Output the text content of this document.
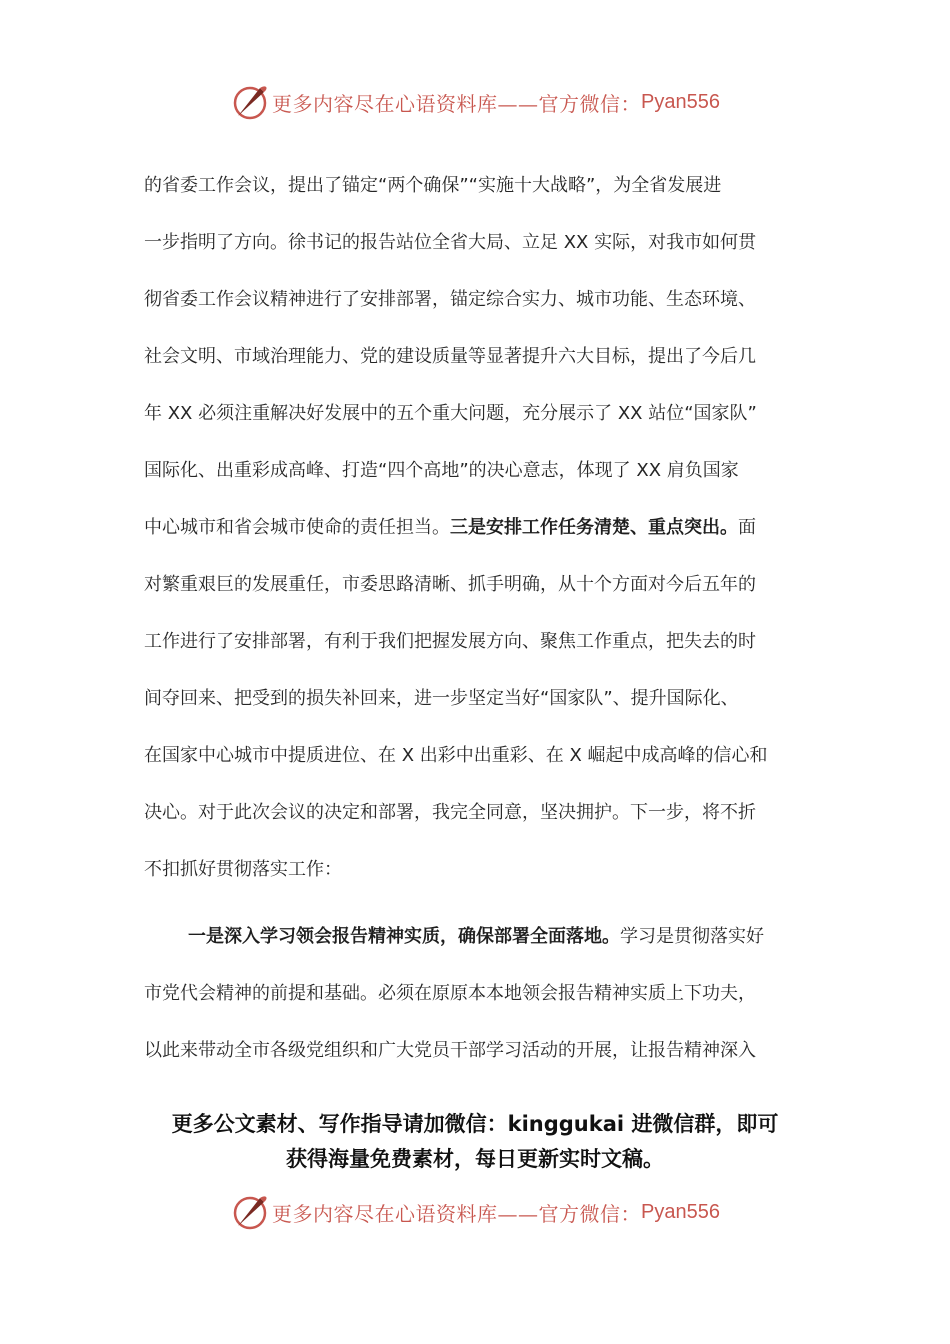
更多内容尽在心语资料库——官方微信： Pyan556
的省委工作会议，提出了锚定“两个确保”“实施十大战略”，为全省发展进
一步指明了方向。徐书记的报告站位全省大局、立足 XX 实际，对我市如何贯
彻省委工作会议精神进行了安排部署，锚定综合实力、城市功能、生态环境、
社会文明、市域治理能力、党的建设质量等显著提升六大目标，提出了今后几
年 XX 必须注重解决好发展中的五个重大问题，充分展示了 XX 站位“国家队”
国际化、出重彩成高峰、打造“四个高地”的决心意志，体现了 XX 肩负国家
中心城市和省会城市使命的责任担当。三是安排工作任务清楚、重点突出。面
对繁重艰巨的发展重任，市委思路清晰、抓手明确，从十个方面对今后五年的
工作进行了安排部署，有利于我们把握发展方向、聚焦工作重点，把失去的时
间夺回来、把受到的损失补回来，进一步坚定当好“国家队”、提升国际化、
在国家中心城市中提质进位、在 X 出彩中出重彩、在 X 崛起中成高峰的信心和
决心。对于此次会议的决定和部署，我完全同意，坚决拥护。下一步，将不折
不扣抓好贯彻落实工作：
一是深入学习领会报告精神实质，确保部署全面落地。学习是贯彻落实好
市党代会精神的前提和基础。必须在原原本本地领会报告精神实质上下功夫，
以此来带动全市各级党组织和广大党员干部学习活动的开展，让报告精神深入
更多公文素材、写作指导请加微信：kinggukai 进微信群，即可
获得海量免费素材，每日更新实时文稿。
更多内容尽在心语资料库——官方微信： Pyan556
